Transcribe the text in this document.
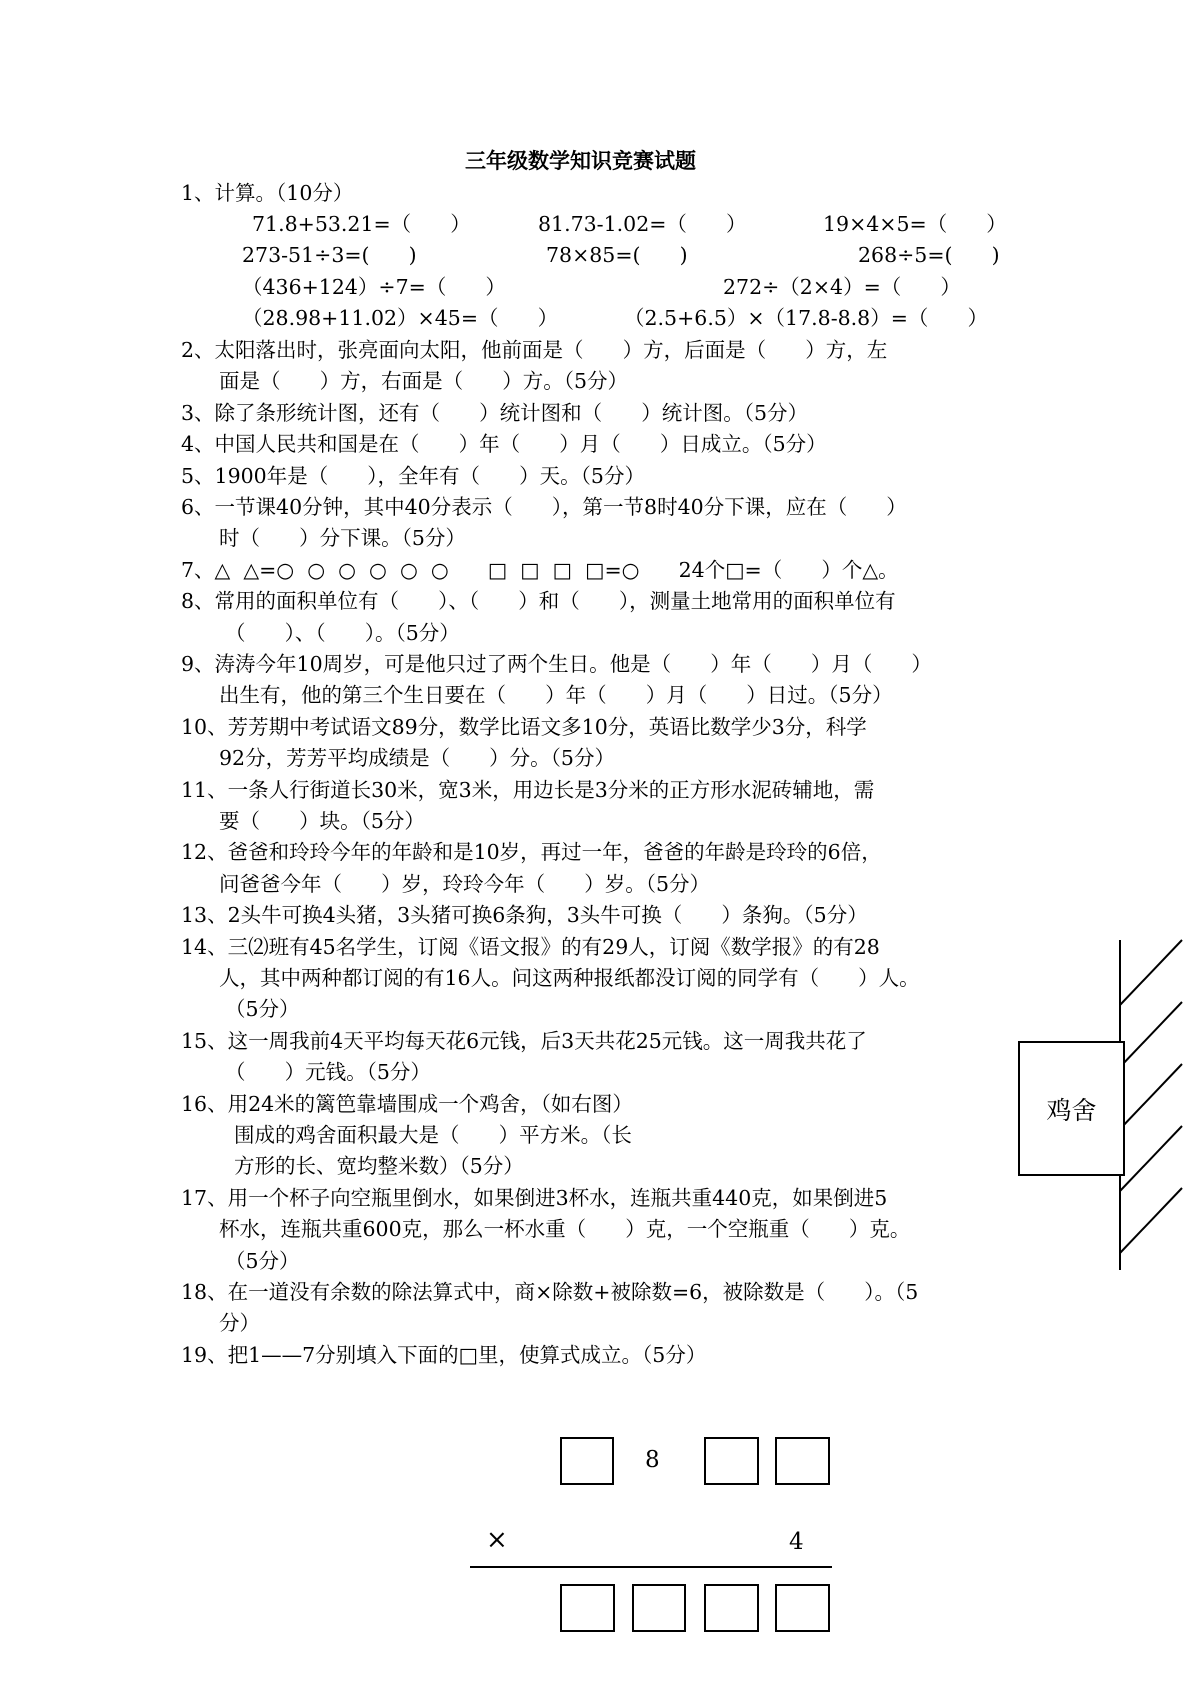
三年级数学知识竞赛试题
1、计算。（10分）
71.8+53.21=（      ）	81.73-1.02=（      ）	19×4×5=（      ）
273-51÷3=(      )	78×85=(      )	268÷5=(      )
（436+124）÷7=（      ）	272÷（2×4）=（      ）
（28.98+11.02）×45=（      ）	（2.5+6.5）×（17.8-8.8）=（      ）
2、太阳落出时，张亮面向太阳，他前面是（      ）方，后面是（      ）方，左
面是（      ）方，右面是（      ）方。（5分）
3、除了条形统计图，还有（      ）统计图和（      ）统计图。（5分）
4、中国人民共和国是在（      ）年（      ）月（      ）日成立。（5分）
5、1900年是（      ），全年有（      ）天。（5分）
6、一节课40分钟，其中40分表示（      ），第一节8时40分下课，应在（      ）
时（      ）分下课。（5分）
7、△  △=○  ○  ○  ○  ○  ○      □  □  □  □=○      24个□=（      ）个△。
8、常用的面积单位有（      ）、（      ）和（      ），测量土地常用的面积单位有
（      ）、（      ）。（5分）
9、涛涛今年10周岁，可是他只过了两个生日。他是（      ）年（      ）月（      ）
出生有，他的第三个生日要在（      ）年（      ）月（      ）日过。（5分）
10、芳芳期中考试语文89分，数学比语文多10分，英语比数学少3分，科学
92分，芳芳平均成绩是（      ）分。（5分）
11、一条人行街道长30米，宽3米，用边长是3分米的正方形水泥砖辅地，需
要（      ）块。（5分）
12、爸爸和玲玲今年的年龄和是10岁，再过一年，爸爸的年龄是玲玲的6倍，
问爸爸今年（      ）岁，玲玲今年（      ）岁。（5分）
13、2头牛可换4头猪，3头猪可换6条狗，3头牛可换（      ）条狗。（5分）
14、三⑵班有45名学生，订阅《语文报》的有29人，订阅《数学报》的有28
人，其中两种都订阅的有16人。问这两种报纸都没订阅的同学有（      ）人。
（5分）
15、这一周我前4天平均每天花6元钱，后3天共花25元钱。这一周我共花了
（      ）元钱。（5分）
16、用24米的篱笆靠墙围成一个鸡舍，（如右图）
围成的鸡舍面积最大是（      ）平方米。（长
方形的长、宽均整米数）（5分）
17、用一个杯子向空瓶里倒水，如果倒进3杯水，连瓶共重440克，如果倒进5
杯水，连瓶共重600克，那么一杯水重（      ）克，一个空瓶重（      ）克。
（5分）
18、在一道没有余数的除法算式中，商×除数+被除数=6，被除数是（      ）。（5
分）
19、把1——7分别填入下面的□里，使算式成立。（5分）
鸡舍
8
×	4
